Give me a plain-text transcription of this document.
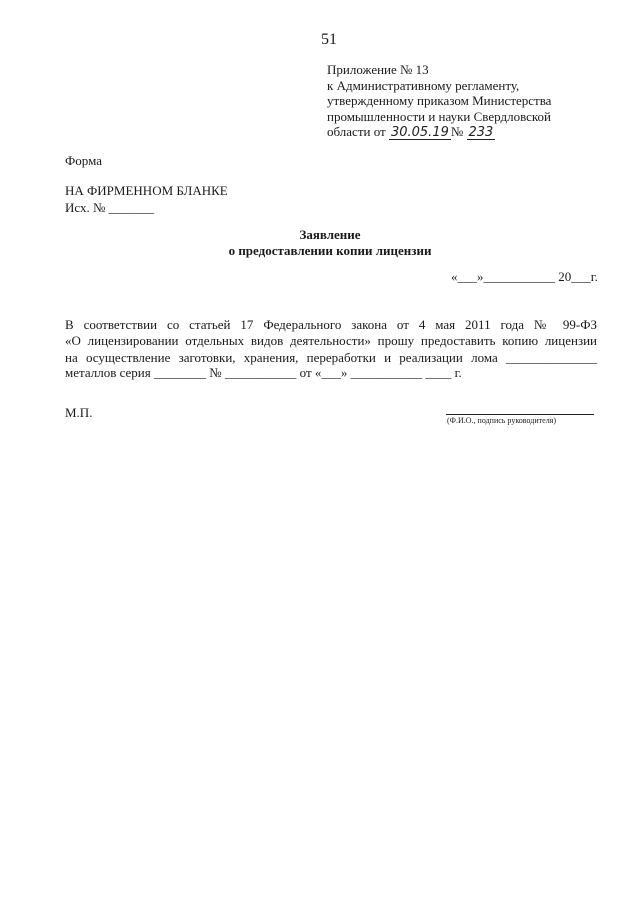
51
Приложение № 13
к Административному регламенту,
утвержденному приказом Министерства
промышленности и науки Свердловской
области от 30.05.19 № 233
Форма
НА ФИРМЕННОМ БЛАНКЕ
Исх. № _______
Заявление
о предоставлении копии лицензии
«___»___________ 20___г.
В соответствии со статьей 17 Федерального закона от 4 мая 2011 года № 99-ФЗ
«О лицензировании отдельных видов деятельности» прошу предоставить копию лицензии
на осуществление заготовки, хранения, переработки и реализации лома ______________
металлов серия ________ № ___________ от «___» ___________ ____ г.
М.П.
(Ф.И.О., подпись руководителя)
